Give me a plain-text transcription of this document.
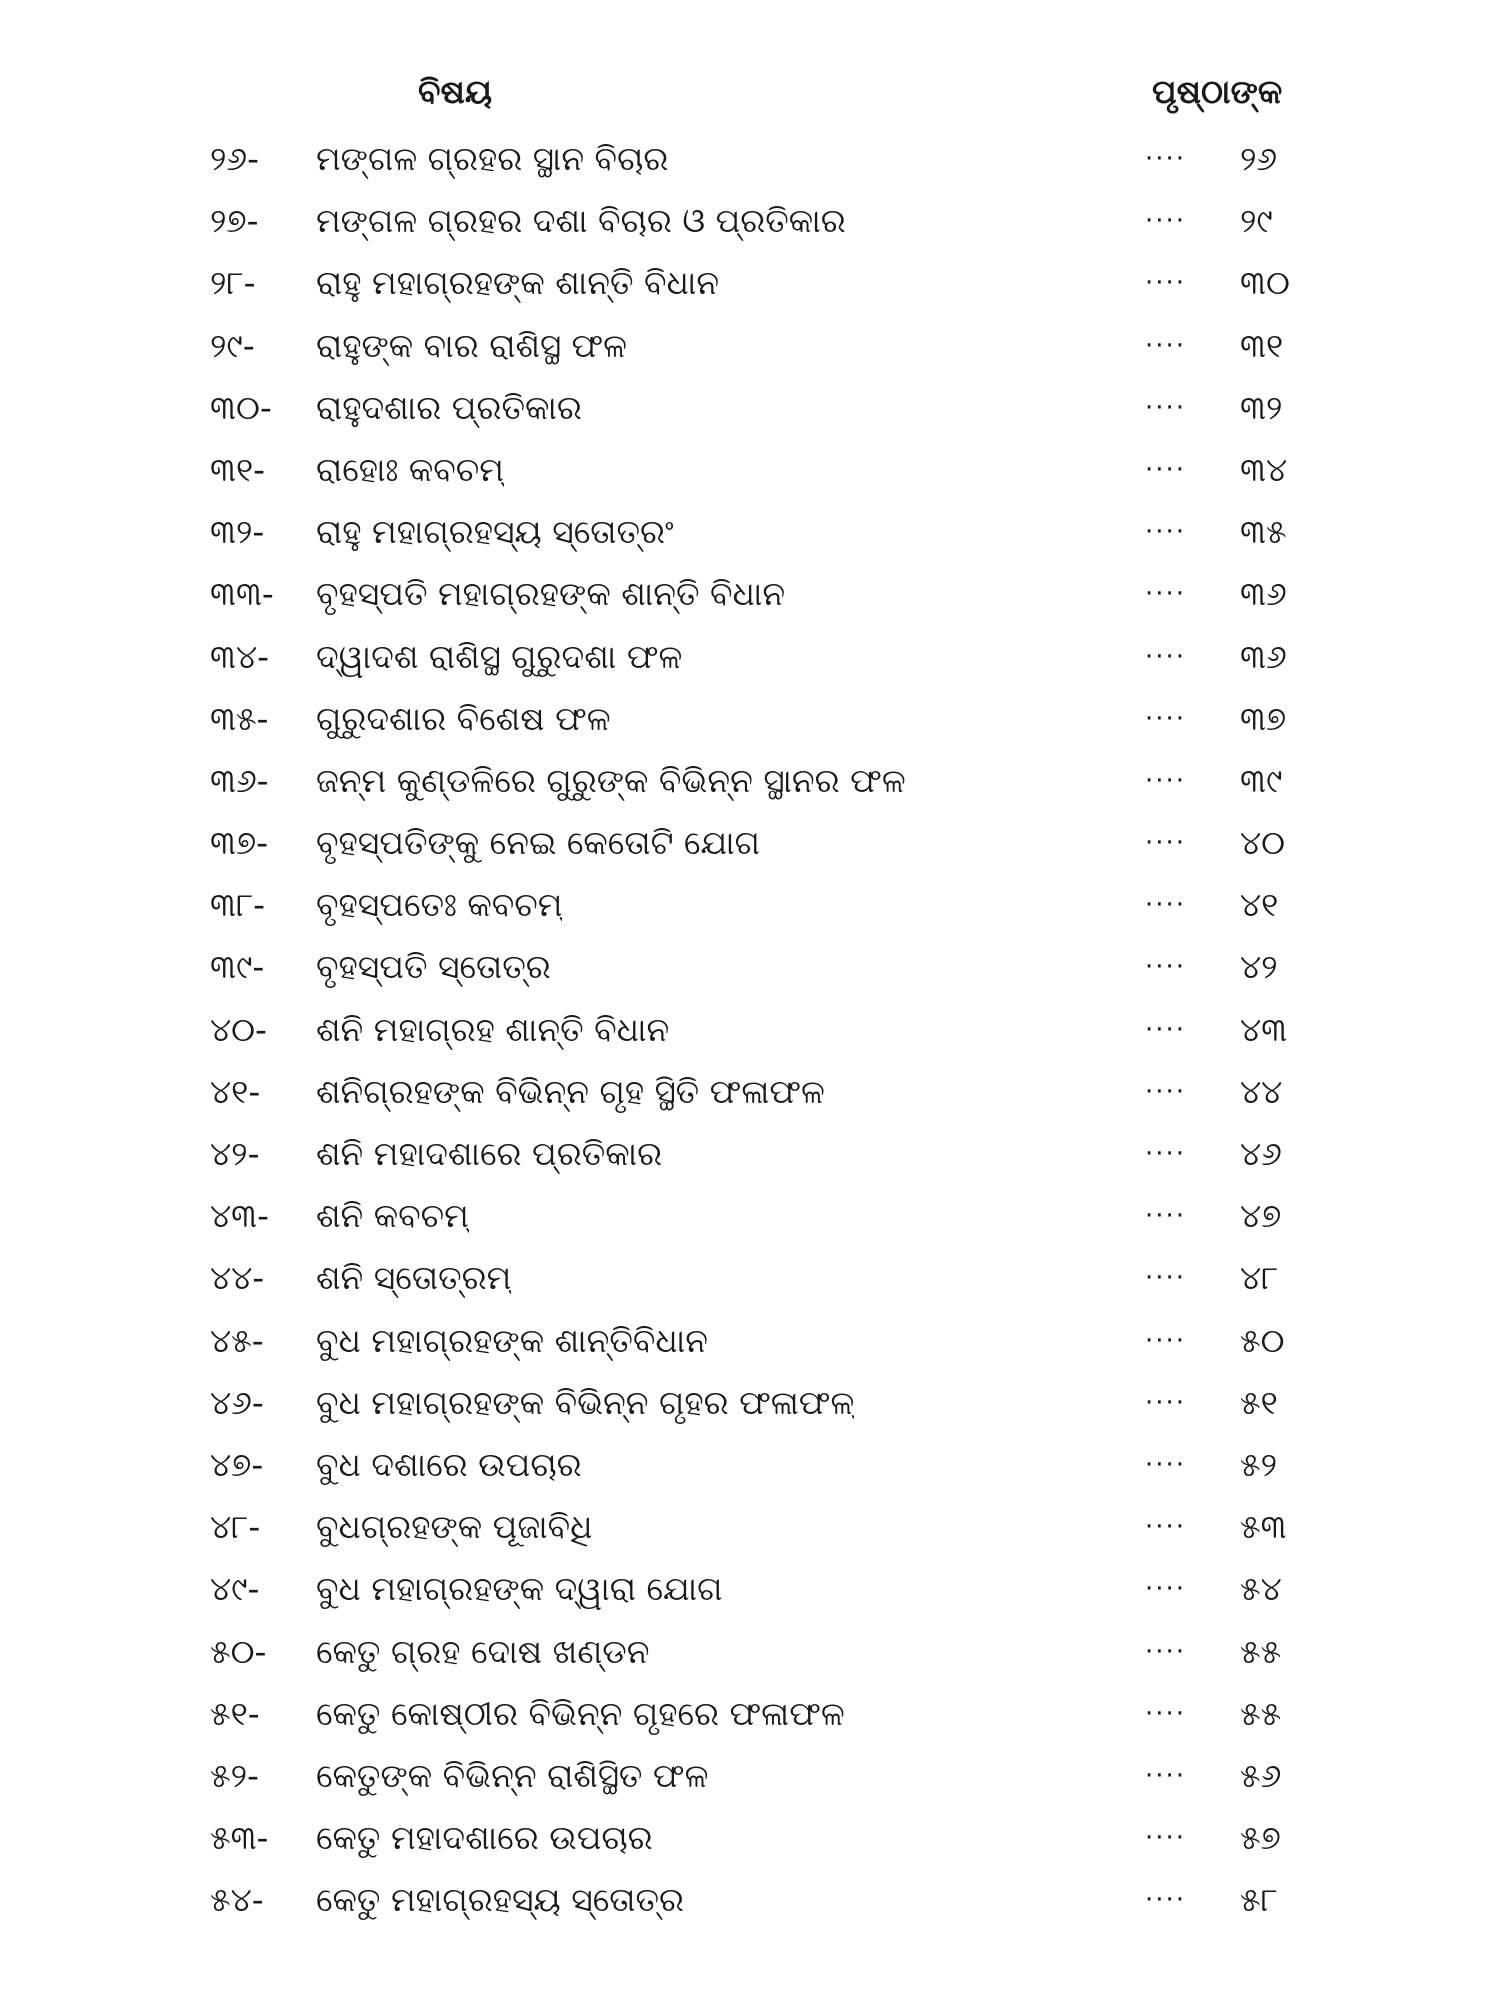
ବିଷୟ	ପୃଷ୍ଠାଙ୍କ
୨୬-	ମଙ୍ଗଳ ଗ୍ରହର ସ୍ଥାନ ବିଚାର	···· ୨୬
୨୭-	ମଙ୍ଗଳ ଗ୍ରହର ଦଶା ବିଚାର ଓ ପ୍ରତିକାର	···· ୨୯
୨୮-	ରାହୁ ମହାଗ୍ରହଙ୍କ ଶାନ୍ତି ବିଧାନ	···· ୩୦
୨୯-	ରାହୁଙ୍କ ବାର ରାଶିସ୍ଥ ଫଳ	···· ୩୧
୩୦-	ରାହୁଦଶାର ପ୍ରତିକାର	···· ୩୨
୩୧-	ରାହୋଃ କବଚମ୍	···· ୩୪
୩୨-	ରାହୁ ମହାଗ୍ରହସ୍ୟ ସ୍ତୋତ୍ରଂ	···· ୩୫
୩୩-	ବୃହସ୍ପତି ମହାଗ୍ରହଙ୍କ ଶାନ୍ତି ବିଧାନ	···· ୩୬
୩୪-	ଦ୍ୱାଦଶ ରାଶିସ୍ଥ ଗୁରୁଦଶା ଫଳ	···· ୩୬
୩୫-	ଗୁରୁଦଶାର ବିଶେଷ ଫଳ	···· ୩୭
୩୬-	ଜନ୍ମ କୁଣ୍ଡଳିରେ ଗୁରୁଙ୍କ ବିଭିନ୍ନ ସ୍ଥାନର ଫଳ	···· ୩୯
୩୭-	ବୃହସ୍ପତିଙ୍କୁ ନେଇ କେତୋଟି ଯୋଗ	···· ୪୦
୩୮-	ବୃହସ୍ପତେଃ କବଚମ୍	···· ୪୧
୩୯-	ବୃହସ୍ପତି ସ୍ତୋତ୍ର	···· ୪୨
୪୦-	ଶନି ମହାଗ୍ରହ ଶାନ୍ତି ବିଧାନ	···· ୪୩
୪୧-	ଶନିଗ୍ରହଙ୍କ ବିଭିନ୍ନ ଗୃହ ସ୍ଥିତି ଫଳାଫଳ	···· ୪୪
୪୨-	ଶନି ମହାଦଶାରେ ପ୍ରତିକାର	···· ୪୬
୪୩-	ଶନି କବଚମ୍	···· ୪୭
୪୪-	ଶନି ସ୍ତୋତ୍ରମ୍	···· ୪୮
୪୫-	ବୁଧ ମହାଗ୍ରହଙ୍କ ଶାନ୍ତିବିଧାନ	···· ୫୦
୪୬-	ବୁଧ ମହାଗ୍ରହଙ୍କ ବିଭିନ୍ନ ଗୃହର ଫଳାଫଳ୍	···· ୫୧
୪୭-	ବୁଧ ଦଶାରେ ଉପଚାର	···· ୫୨
୪୮-	ବୁଧଗ୍ରହଙ୍କ ପୂଜାବିଧି	···· ୫୩
୪୯-	ବୁଧ ମହାଗ୍ରହଙ୍କ ଦ୍ୱାରା ଯୋଗ	···· ୫୪
୫୦-	କେତୁ ଗ୍ରହ ଦୋଷ ଖଣ୍ଡନ	···· ୫୫
୫୧-	କେତୁ କୋଷ୍ଠୀର ବିଭିନ୍ନ ଗୃହରେ ଫଳାଫଳ	···· ୫୫
୫୨-	କେତୁଙ୍କ ବିଭିନ୍ନ ରାଶିସ୍ଥିତ ଫଳ	···· ୫୬
୫୩-	କେତୁ ମହାଦଶାରେ ଉପଚାର	···· ୫୭
୫୪-	କେତୁ ମହାଗ୍ରହସ୍ୟ ସ୍ତୋତ୍ର	···· ୫୮
